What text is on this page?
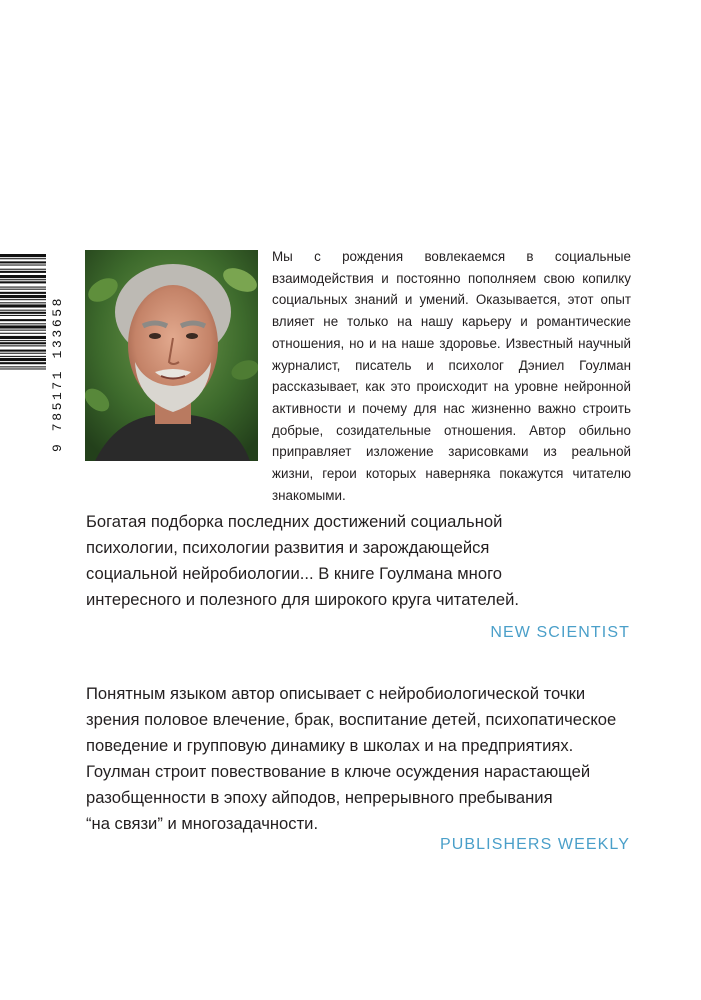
9 785171 133658

Мы с рождения вовлекаемся в социальные взаимодействия и постоянно пополняем свою копилку социальных знаний и умений. Оказывается, этот опыт влияет не только на нашу карьеру и романтические отношения, но и на наше здоровье. Известный научный журналист, писатель и психолог Дэниел Гоулман рассказывает, как это происходит на уровне нейронной активности и почему для нас жизненно важно строить добрые, созидательные отношения. Автор обильно приправляет изложение зарисовками из реальной жизни, герои которых наверняка покажутся читателю знакомыми.

Богатая подборка последних достижений социальной
психологии, психологии развития и зарождающейся
социальной нейробиологии... В книге Гоулмана много
интересного и полезного для широкого круга читателей.

NEW SCIENTIST

Понятным языком автор описывает с нейробиологической точки
зрения половое влечение, брак, воспитание детей, психопатическое
поведение и групповую динамику в школах и на предприятиях.
Гоулман строит повествование в ключе осуждения нарастающей
разобщенности в эпоху айподов, непрерывного пребывания
“на связи” и многозадачности.

PUBLISHERS WEEKLY
